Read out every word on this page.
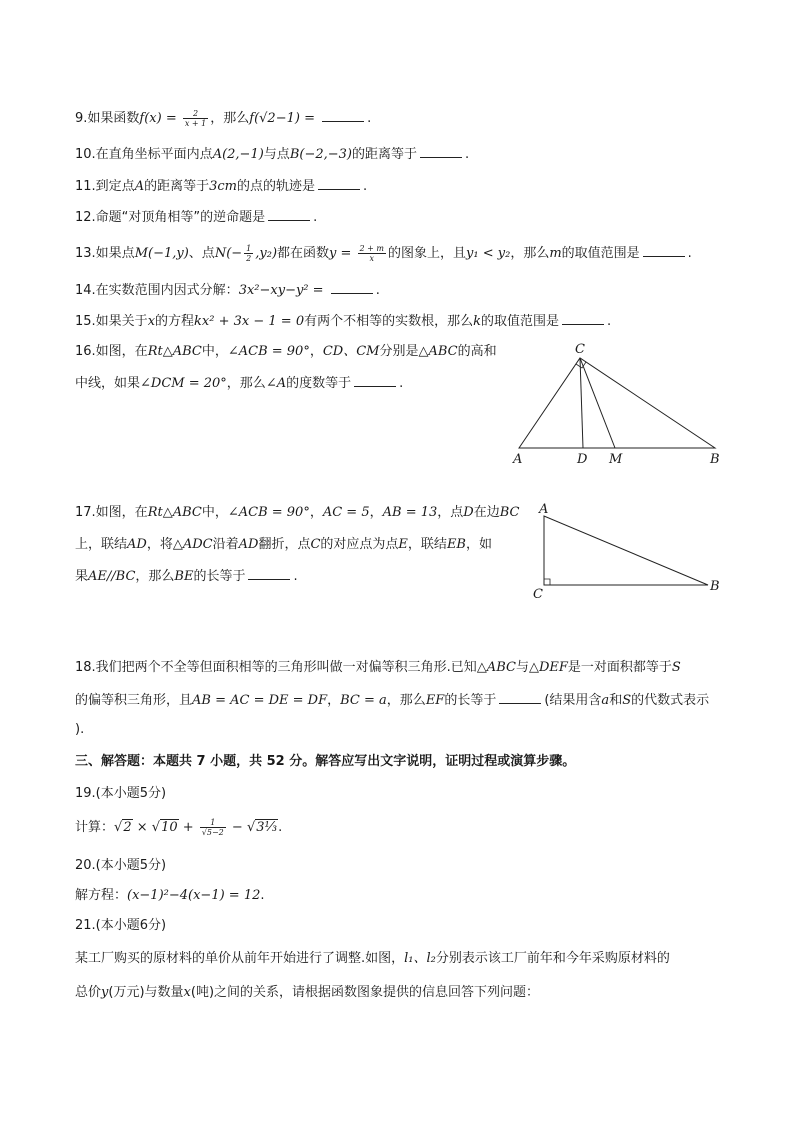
9.如果函数$f(x) = \frac{2}{x + 1}$ ，那么f(√2−1) =	.
10.在直角坐标平面内点A(2,−1)与点B(−2,−3)的距离等于	.
11.到定点A的距离等于3cm的点的轨迹是	.
12.命题“对顶角相等”的逆命题是	.
13.如果点M(−1,y)、点$N(- \frac{1}{2} ,y_2)$都在函数$y = \frac{2 + m}{x}$ 的图象上，且y₁ < y₂，那么m的取值范围是	.
14.在实数范围内因式分解：3x²−xy−y² =	.
15.如果关于x的方程kx² + 3x − 1 = 0有两个不相等的实数根，那么k的取值范围是	.
16.如图，在Rt△ABC中，∠ACB = 90°，CD、CM分别是△ABC的高和
中线，如果∠DCM = 20°，那么∠A的度数等于	.
C
A	D M	B
17.如图，在Rt△ABC中，∠ACB = 90°，AC = 5，AB = 13，点D在边BC
上，联结AD，将△ADC沿着AD翻折，点C的对应点为点E，联结EB，如
果AE//BC，那么BE的长等于	.
A
C
B
18.我们把两个不全等但面积相等的三角形叫做一对偏等积三角形.已知△ABC与△DEF是一对面积都等于S
的偏等积三角形，且AB = AC = DE = DF，BC = a，那么EF的长等于	(结果用含a和S的代数式表示
).
三、解答题：本题共 7 小题，共 52 分。解答应写出文字说明，证明过程或演算步骤。
19.(本小题5分)
计算：$√2 \times √10 + \frac{1}{√5-2}$ − √3⅓.
20.(本小题5分)
解方程：(x−1)²−4(x−1) = 12.
21.(本小题6分)
某工厂购买的原材料的单价从前年开始进行了调整.如图，l₁、l₂分别表示该工厂前年和今年采购原材料的
总价y(万元)与数量x(吨)之间的关系，请根据函数图象提供的信息回答下列问题：
